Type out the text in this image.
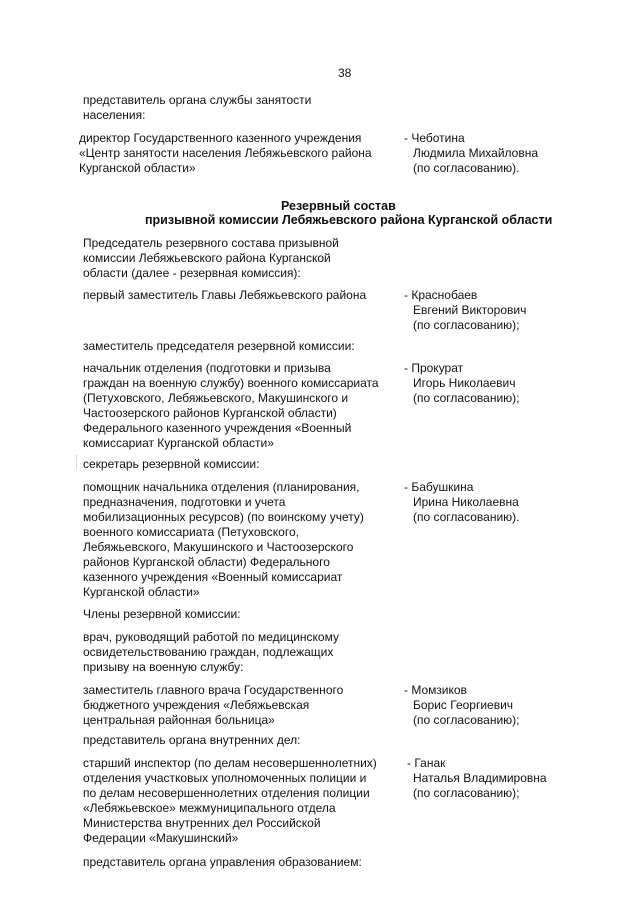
38
представитель органа службы занятости
населения:
директор Государственного казенного учреждения
«Центр занятости населения Лебяжьевского района
Курганской области»
- Чеботина
Людмила Михайловна
(по согласованию).
Резервный состав
призывной комиссии Лебяжьевского района Курганской области
Председатель резервного состава призывной
комиссии Лебяжьевского района Курганской
области (далее - резервная комиссия):
первый заместитель Главы Лебяжьевского района	- Краснобаев
Евгений Викторович
(по согласованию);
заместитель председателя резервной комиссии:
начальник отделения (подготовки и призыва
граждан на военную службу) военного комиссариата
(Петуховского, Лебяжьевского, Макушинского и
Частоозерского районов Курганской области)
Федерального казенного учреждения «Военный
комиссариат Курганской области»
- Прокурат
Игорь Николаевич
(по согласованию);
секретарь резервной комиссии:
помощник начальника отделения (планирования,
предназначения, подготовки и учета
мобилизационных ресурсов) (по воинскому учету)
военного комиссариата (Петуховского,
Лебяжьевского, Макушинского и Частоозерского
районов Курганской области) Федерального
казенного учреждения «Военный комиссариат
Курганской области»
- Бабушкина
Ирина Николаевна
(по согласованию).
Члены резервной комиссии:
врач, руководящий работой по медицинскому
освидетельствованию граждан, подлежащих
призыву на военную службу:
заместитель главного врача Государственного
бюджетного учреждения «Лебяжьевская
центральная районная больница»
- Момзиков
Борис Георгиевич
(по согласованию);
представитель органа внутренних дел:
старший инспектор (по делам несовершеннолетних)
отделения участковых уполномоченных полиции и
по делам несовершеннолетних отделения полиции
«Лебяжьевское» межмуниципального отдела
Министерства внутренних дел Российской
Федерации «Макушинский»
- Ганак
Наталья Владимировна
(по согласованию);
представитель органа управления образованием:
